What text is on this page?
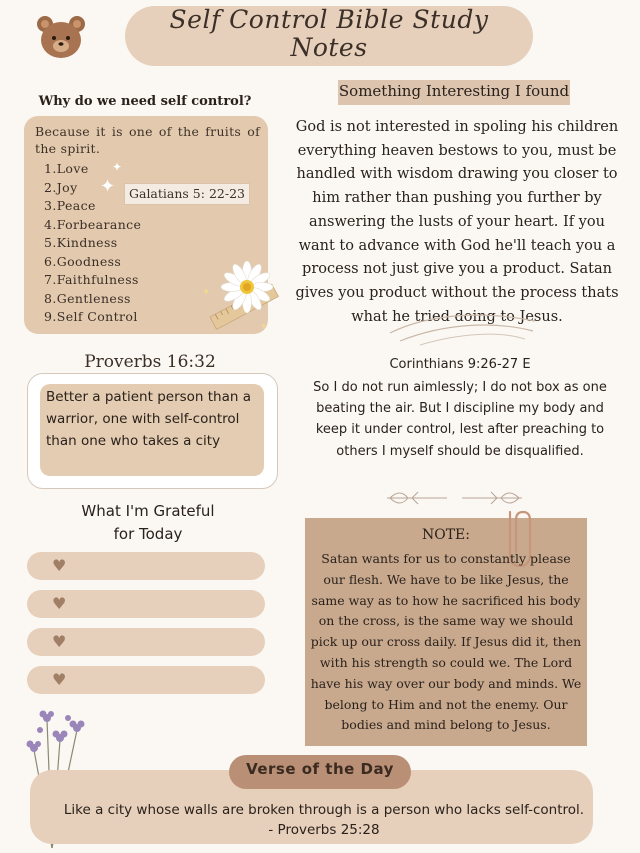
Self Control Bible Study
Notes
Why do we need self control?
Because it is one of the fruits of the spirit.
1.Love
2.Joy
3.Peace
4.Forbearance
5.Kindness
6.Goodness
7.Faithfulness
8.Gentleness
9.Self Control
✦
✦	Galatians 5: 22-23
✦
✦
Proverbs 16:32
Better a patient person than a warrior, one with self-control than one who takes a city
What I'm Grateful
for Today
♥
♥
♥
♥
Something Interesting I found
God is not interested in spoling his children everything heaven bestows to you, must be handled with wisdom drawing you closer to him rather than pushing you further by answering the lusts of your heart. If you want to advance with God he'll teach you a process not just give you a product. Satan gives you product without the process thats what he tried doing to Jesus.
Corinthians 9:26-27 E
So I do not run aimlessly; I do not box as one beating the air. But I discipline my body and keep it under control, lest after preaching to others I myself should be disqualified.
NOTE:
Satan wants for us to constantly please our flesh. We have to be like Jesus, the same way as to how he sacrificed his body on the cross, is the same way we should pick up our cross daily. If Jesus did it, then with his strength so could we. The Lord have his way over our body and minds. We belong to Him and not the enemy. Our bodies and mind belong to Jesus.
Verse of the Day
Like a city whose walls are broken through is a person who lacks self-control.
- Proverbs 25:28
